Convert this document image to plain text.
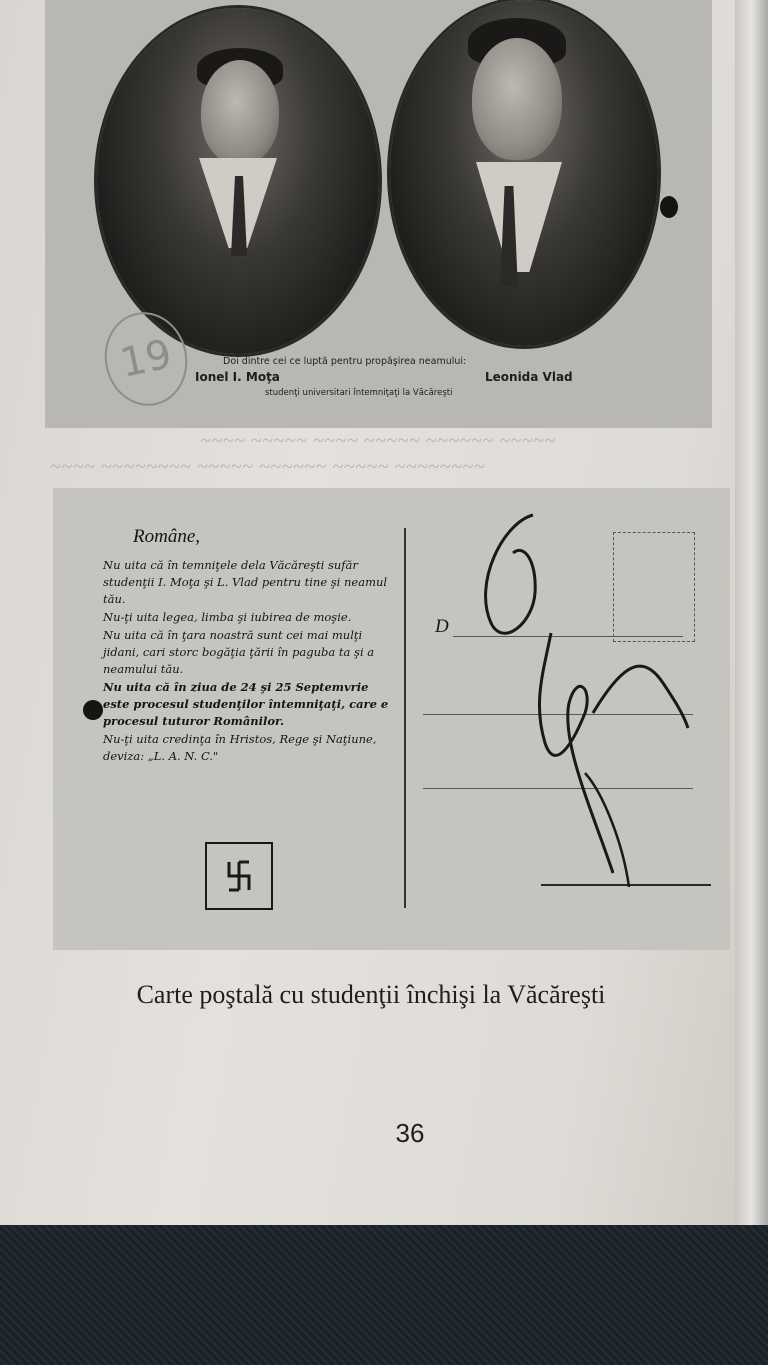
19	Doi dintre cei ce luptă pentru propăşirea neamului:
Ionel I. Moţa	Leonida Vlad
studenţi universitari întemniţaţi la Văcăreşti
~~~~ ~~~~~ ~~~~ ~~~~~ ~~~~~~ ~~~~~
~~~~ ~~~~~~~~ ~~~~~ ~~~~~~ ~~~~~ ~~~~~~~~
Române,

Nu uita că în temniţele dela Văcăreşti sufăr studenţii I. Moţa şi L. Vlad pentru tine şi neamul tău.

Nu-ţi uita legea, limba şi iubirea de moşie.

Nu uita că în ţara noastră sunt cei mai mulţi jidani, cari storc bogăţia ţării în paguba ta şi a neamului tău.

Nu uita că în ziua de 24 şi 25 Septemvrie este procesul studenţilor întemniţaţi, care e procesul tuturor Românilor.

Nu-ţi uita credinţa în Hristos, Rege şi Naţiune, deviza: „L. A. N. C."

D
Carte poştală cu studenţii închişi la Văcăreşti
36
